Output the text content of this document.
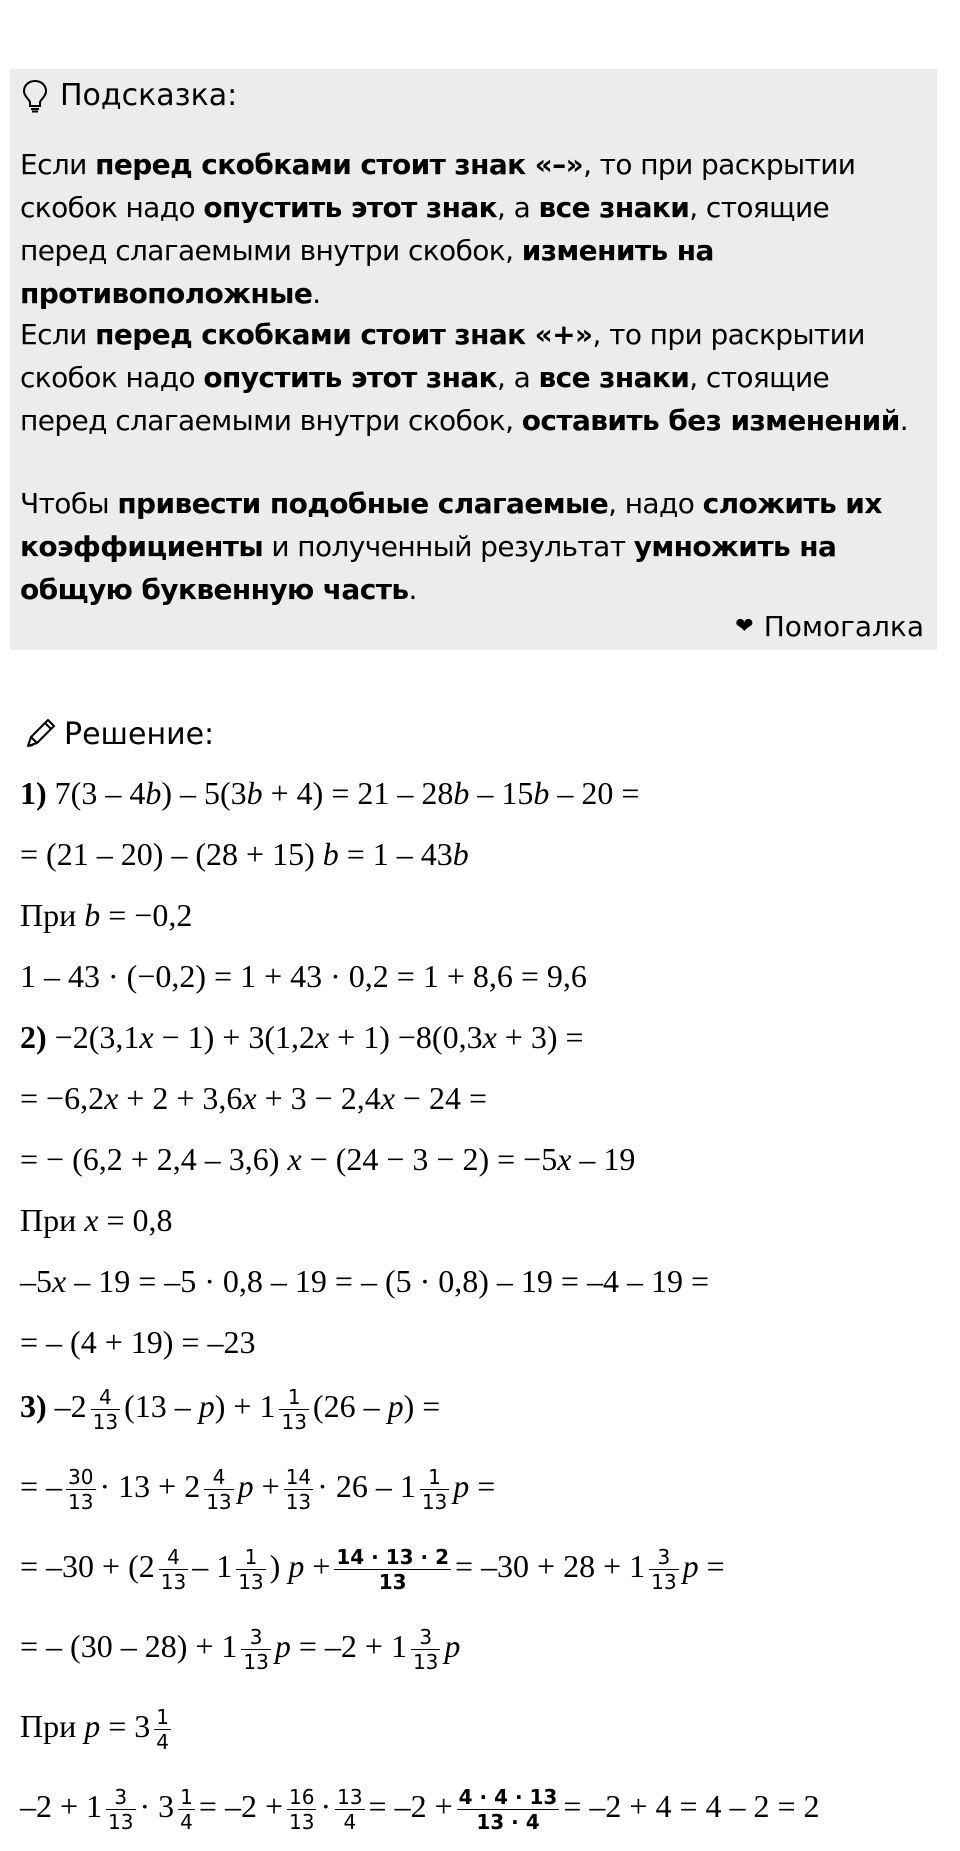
Подсказка:
Если перед скобками стоит знак «–», то при раскрытии скобок надо опустить этот знак, а все знаки, стоящие перед слагаемыми внутри скобок, изменить на противоположные.
Если перед скобками стоит знак «+», то при раскрытии скобок надо опустить этот знак, а все знаки, стоящие перед слагаемыми внутри скобок, оставить без изменений.
Чтобы привести подобные слагаемые, надо сложить их коэффициенты и полученный результат умножить на общую буквенную часть.
❤ Помогалка
Решение:
1) 7(3 – 4b) – 5(3b + 4) = 21 – 28b – 15b – 20 =
= (21 – 20) – (28 + 15) b = 1 – 43b
При b = −0,2
1 – 43 · (−0,2) = 1 + 43 · 0,2 = 1 + 8,6 = 9,6
2) −2(3,1x − 1) + 3(1,2x + 1) −8(0,3x + 3) =
= −6,2x + 2 + 3,6x + 3 − 2,4x − 24 =
= − (6,2 + 2,4 – 3,6) x − (24 − 3 − 2) = −5x – 19
При x = 0,8
–5x – 19 = –5 · 0,8 – 19 = – (5 · 0,8) – 19 = –4 – 19 =
= – (4 + 19) = –23
3) $-2 \frac{4}{13} (13 - p) + 1 \frac{1}{13} (26 - p)$ =
= – $\frac{30}{13} \cdot 13 + 2 \frac{4}{13}$ $p + \frac{14}{13} \cdot 26 - 1 \frac{1}{13}$ p =
= $-30 + (2 \frac{4}{13} - 1 \frac{1}{13}$ ) $p + \frac{14 \cdot 13 \cdot 2}{13} = -30 + 28 + 1 \frac{3}{13}$ p =
= – $(30 - 28) + 1 \frac{3}{13}$ $p = -2 + 1 \frac{3}{13}$ p
При $p = 3 \frac{1}{4}$
$-2 + 1 \frac{3}{13} \cdot 3 \frac{1}{4} = -2 + \frac{16}{13} \cdot \frac{13}{4} = -2 + \frac{4 \cdot 4 \cdot 13}{13 \cdot 4} = -2 + 4 = 4 - 2 = 2$
